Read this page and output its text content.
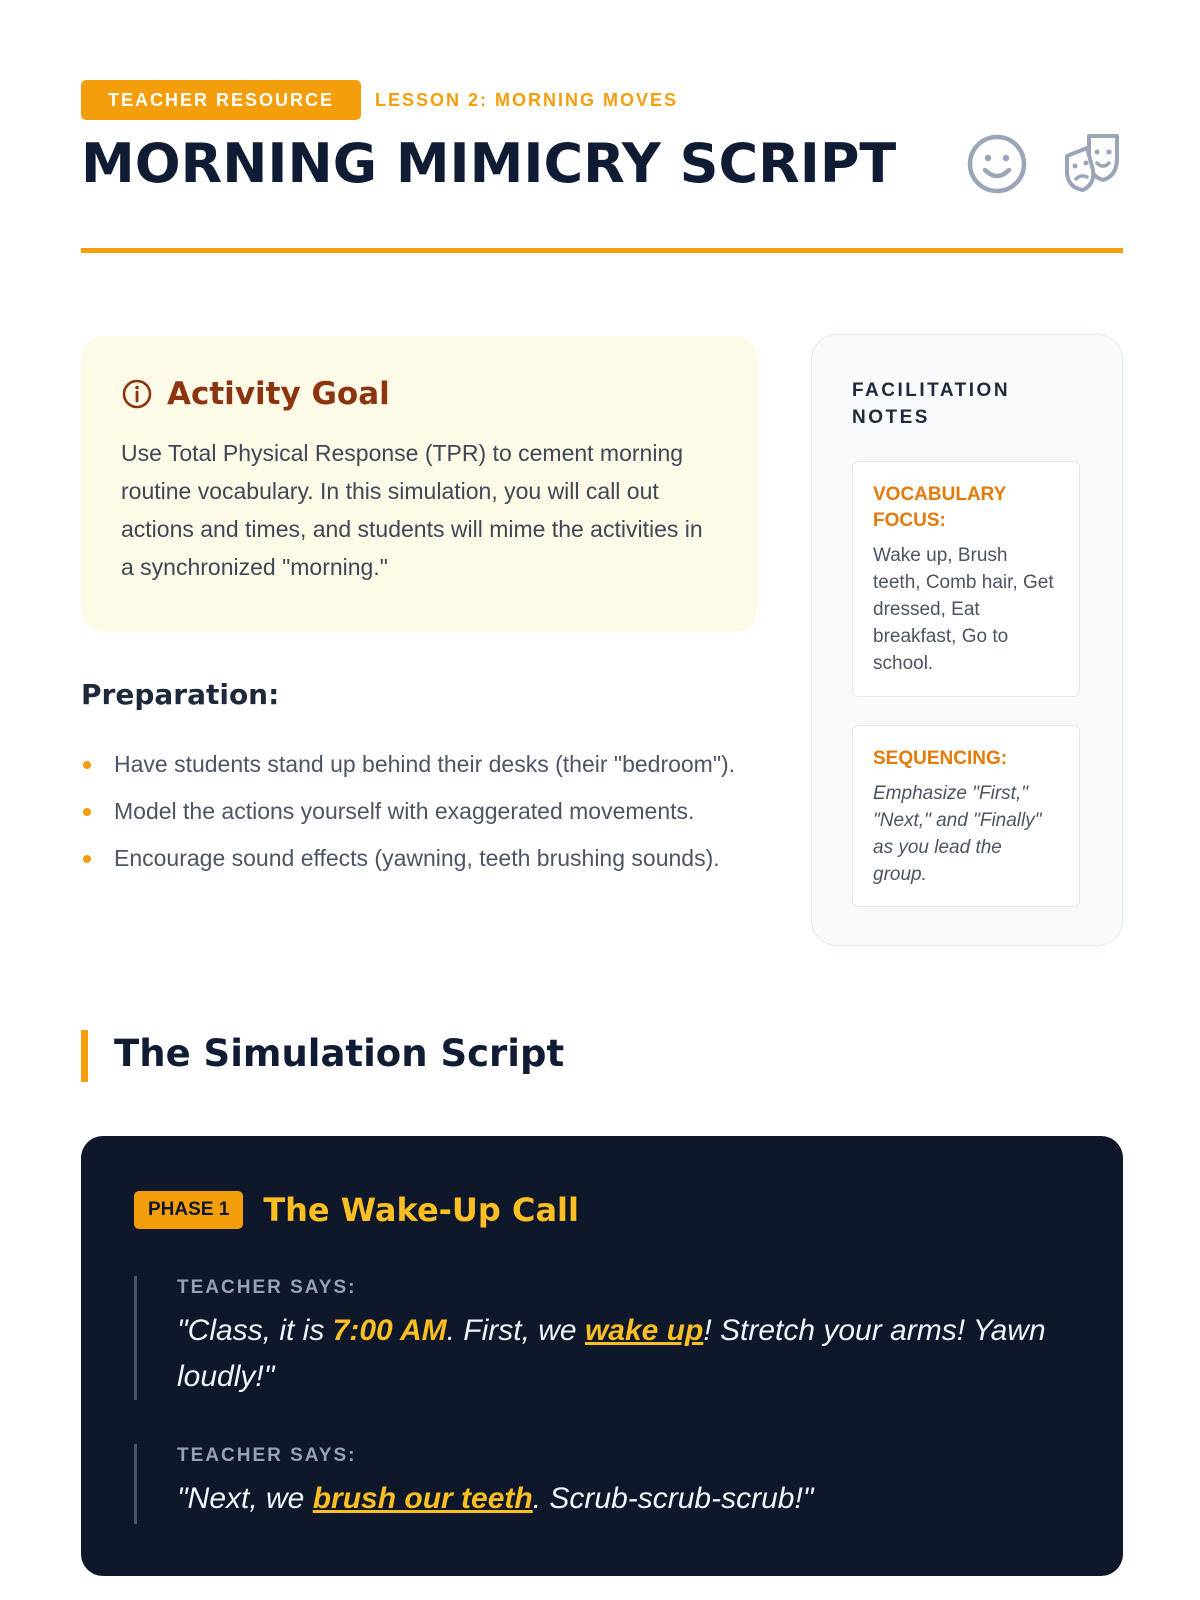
TEACHER RESOURCE	LESSON 2: MORNING MOVES
MORNING MIMICRY SCRIPT
Activity Goal

Use Total Physical Response (TPR) to cement morning routine vocabulary. In this simulation, you will call out actions and times, and students will mime the activities in a synchronized "morning."

Preparation:
Have students stand up behind their desks (their "bedroom").
Model the actions yourself with exaggerated movements.
Encourage sound effects (yawning, teeth brushing sounds).
FACILITATION NOTES
VOCABULARY FOCUS:
Wake up, Brush teeth, Comb hair, Get dressed, Eat breakfast, Go to school.
SEQUENCING:
Emphasize "First," "Next," and "Finally" as you lead the group.
The Simulation Script
PHASE 1	The Wake-Up Call
TEACHER SAYS:
"Class, it is 7:00 AM. First, we wake up! Stretch your arms! Yawn loudly!"
TEACHER SAYS:
"Next, we brush our teeth. Scrub-scrub-scrub!"
